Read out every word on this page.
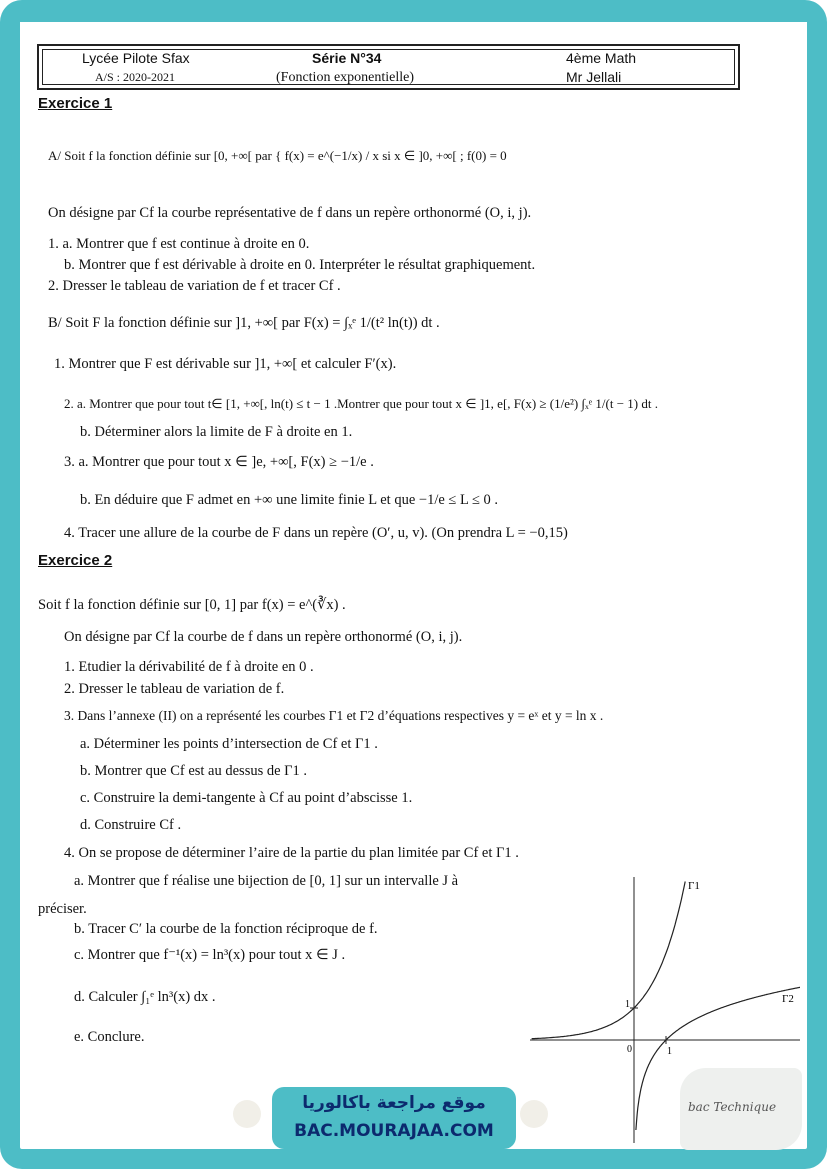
Lycée Pilote Sfax
A/S : 2020-2021
Série N°34
(Fonction exponentielle)
4ème Math
Mr Jellali
Exercice 1
A/ Soit f la fonction définie sur [0, +∞[ par { f(x) = e^(−1/x) / x si x ∈ ]0, +∞[ ; f(0) = 0
On désigne par Cf la courbe représentative de f dans un repère orthonormé (O, i, j).
1. a. Montrer que f est continue à droite en 0.
b. Montrer que f est dérivable à droite en 0. Interpréter le résultat graphiquement.
2. Dresser le tableau de variation de f et tracer Cf .
B/ Soit F la fonction définie sur ]1, +∞[ par F(x) = ∫ₓᵉ 1/(t² ln(t)) dt .
1. Montrer que F est dérivable sur ]1, +∞[ et calculer F′(x).
2. a. Montrer que pour tout t∈ [1, +∞[, ln(t) ≤ t − 1 .Montrer que pour tout x ∈ ]1, e[, F(x) ≥ (1/e²) ∫ₓᵉ 1/(t − 1) dt .
b. Déterminer alors la limite de F à droite en 1.
3. a. Montrer que pour tout x ∈ ]e, +∞[, F(x) ≥ −1/e .
b. En déduire que F admet en +∞ une limite finie L et que −1/e ≤ L ≤ 0 .
4. Tracer une allure de la courbe de F dans un repère (O′, u, v). (On prendra L = −0,15)
Exercice 2
Soit f la fonction définie sur [0, 1] par f(x) = e^(∛x) .
On désigne par Cf la courbe de f dans un repère orthonormé (O, i, j).
1. Etudier la dérivabilité de f à droite en 0 .
2. Dresser le tableau de variation de f.
3. Dans l’annexe (II) on a représenté les courbes Γ1 et Γ2 d’équations respectives y = eˣ et y = ln x .
a. Déterminer les points d’intersection de Cf et Γ1 .
b. Montrer que Cf est au dessus de Γ1 .
c. Construire la demi-tangente à Cf au point d’abscisse 1.
d. Construire Cf .
4. On se propose de déterminer l’aire de la partie du plan limitée par Cf et Γ1 .
a. Montrer que f réalise une bijection de [0, 1] sur un intervalle J à
préciser.
b. Tracer C′ la courbe de la fonction réciproque de f.
c. Montrer que f⁻¹(x) = ln³(x) pour tout x ∈ J .
d. Calculer ∫₁ᵉ ln³(x) dx .
e. Conclure.
Γ1
Γ2
0	1
1
موقع مراجعة باكالوريا
BAC.MOURAJAA.COM
bac Technique
